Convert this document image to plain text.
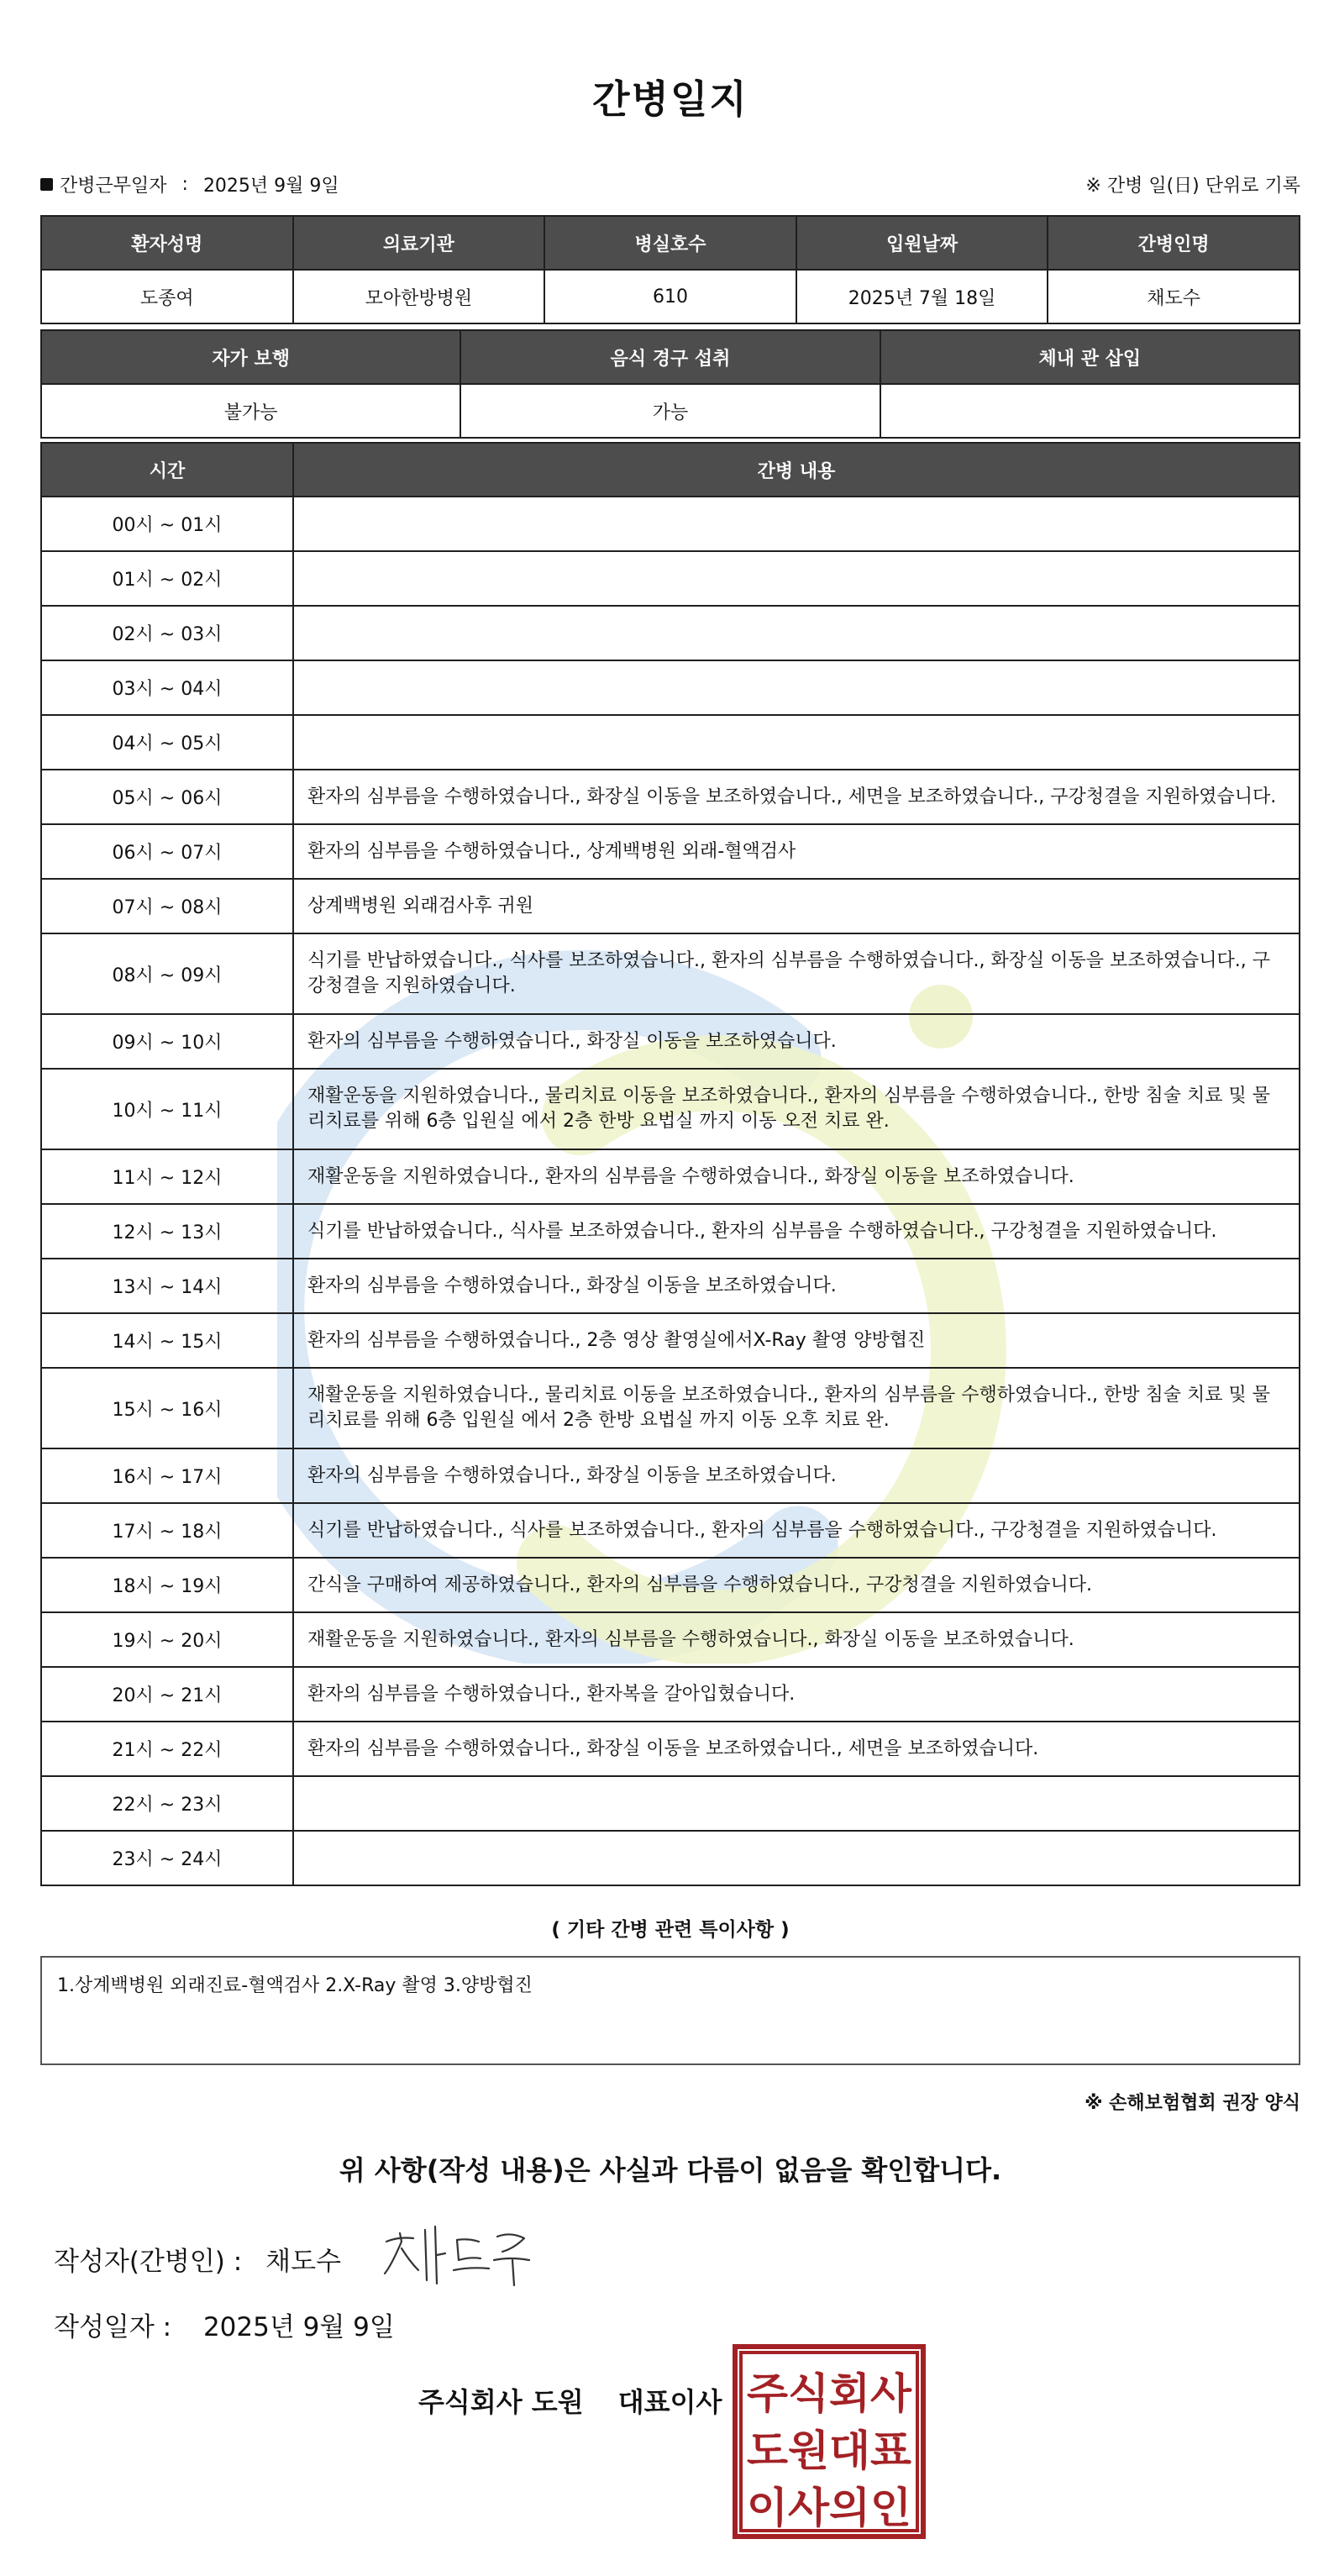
간병일지
간병근무일자 : 2025년 9월 9일	※ 간병 일(日) 단위로 기록
환자성명	의료기관	병실호수	입원날짜	간병인명
도종여	모아한방병원	610	2025년 7월 18일	채도수
자가 보행	음식 경구 섭취	체내 관 삽입
불가능	가능	
시간	간병 내용
00시 ~ 01시	
01시 ~ 02시	
02시 ~ 03시	
03시 ~ 04시	
04시 ~ 05시	
05시 ~ 06시	환자의 심부름을 수행하였습니다., 화장실 이동을 보조하였습니다., 세면을 보조하였습니다., 구강청결을 지원하였습니다.
06시 ~ 07시	환자의 심부름을 수행하였습니다., 상계백병원 외래-혈액검사
07시 ~ 08시	상계백병원 외래검사후 귀원
08시 ~ 09시	식기를 반납하였습니다., 식사를 보조하였습니다., 환자의 심부름을 수행하였습니다., 화장실 이동을 보조하였습니다., 구강청결을 지원하였습니다.
09시 ~ 10시	환자의 심부름을 수행하였습니다., 화장실 이동을 보조하였습니다.
10시 ~ 11시	재활운동을 지원하였습니다., 물리치료 이동을 보조하였습니다., 환자의 심부름을 수행하였습니다., 한방 침술 치료 및 물리치료를 위해 6층 입원실 에서 2층 한방 요법실 까지 이동 오전 치료 완.
11시 ~ 12시	재활운동을 지원하였습니다., 환자의 심부름을 수행하였습니다., 화장실 이동을 보조하였습니다.
12시 ~ 13시	식기를 반납하였습니다., 식사를 보조하였습니다., 환자의 심부름을 수행하였습니다., 구강청결을 지원하였습니다.
13시 ~ 14시	환자의 심부름을 수행하였습니다., 화장실 이동을 보조하였습니다.
14시 ~ 15시	환자의 심부름을 수행하였습니다., 2층 영상 촬영실에서X-Ray 촬영 양방협진
15시 ~ 16시	재활운동을 지원하였습니다., 물리치료 이동을 보조하였습니다., 환자의 심부름을 수행하였습니다., 한방 침술 치료 및 물리치료를 위해 6층 입원실 에서 2층 한방 요법실 까지 이동 오후 치료 완.
16시 ~ 17시	환자의 심부름을 수행하였습니다., 화장실 이동을 보조하였습니다.
17시 ~ 18시	식기를 반납하였습니다., 식사를 보조하였습니다., 환자의 심부름을 수행하였습니다., 구강청결을 지원하였습니다.
18시 ~ 19시	간식을 구매하여 제공하였습니다., 환자의 심부름을 수행하였습니다., 구강청결을 지원하였습니다.
19시 ~ 20시	재활운동을 지원하였습니다., 환자의 심부름을 수행하였습니다., 화장실 이동을 보조하였습니다.
20시 ~ 21시	환자의 심부름을 수행하였습니다., 환자복을 갈아입혔습니다.
21시 ~ 22시	환자의 심부름을 수행하였습니다., 화장실 이동을 보조하였습니다., 세면을 보조하였습니다.
22시 ~ 23시	
23시 ~ 24시	
( 기타 간병 관련 특이사항 )
1.상계백병원 외래진료-혈액검사 2.X-Ray 촬영 3.양방협진
※ 손해보험협회 권장 양식
위 사항(작성 내용)은 사실과 다름이 없음을 확인합니다.
작성자(간병인) : 채도수
작성일자 : 2025년 9월 9일
주식회사 도원 대표이사 주식회사
도원대표
이사의인
